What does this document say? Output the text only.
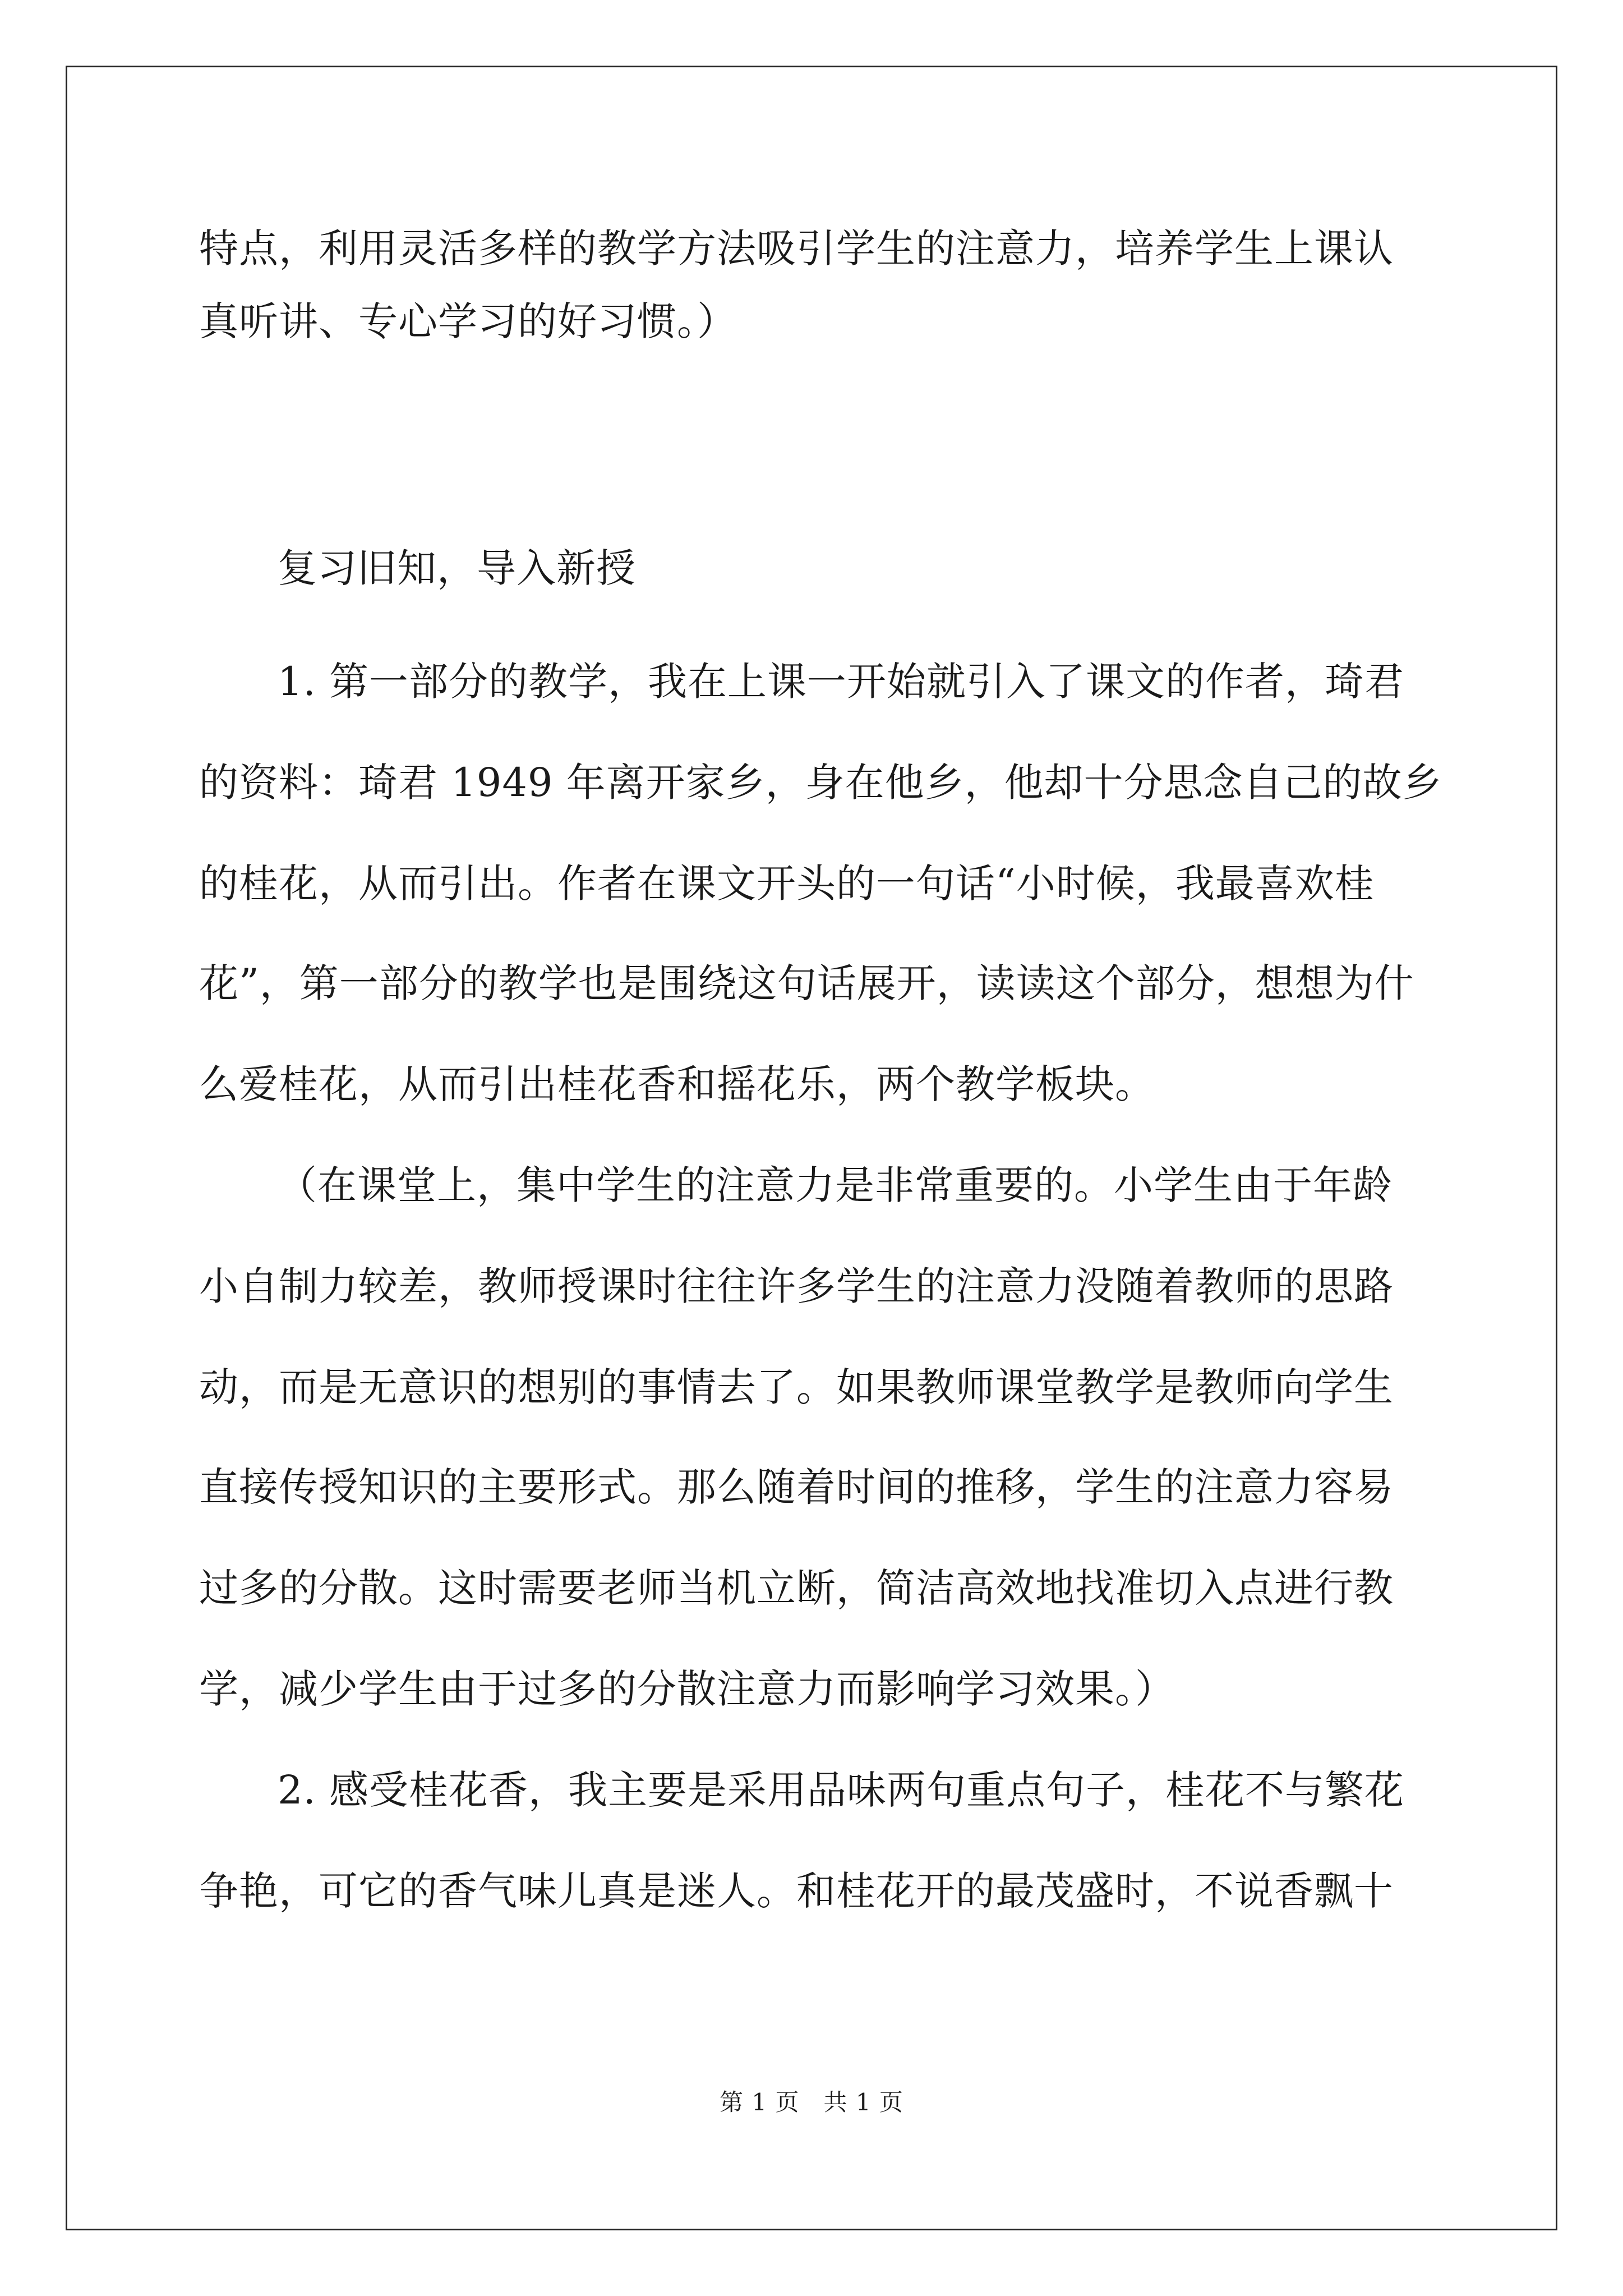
特点，利用灵活多样的教学方法吸引学生的注意力，培养学生上课认
真听讲、专心学习的好习惯。）
复习旧知，导入新授
1. 第一部分的教学，我在上课一开始就引入了课文的作者，琦君
的资料：琦君 1949 年离开家乡，身在他乡，他却十分思念自己的故乡
的桂花，从而引出。作者在课文开头的一句话“小时候，我最喜欢桂
花”，第一部分的教学也是围绕这句话展开，读读这个部分，想想为什
么爱桂花，从而引出桂花香和摇花乐，两个教学板块。
（在课堂上，集中学生的注意力是非常重要的。小学生由于年龄
小自制力较差，教师授课时往往许多学生的注意力没随着教师的思路
动，而是无意识的想别的事情去了。如果教师课堂教学是教师向学生
直接传授知识的主要形式。那么随着时间的推移，学生的注意力容易
过多的分散。这时需要老师当机立断，简洁高效地找准切入点进行教
学，减少学生由于过多的分散注意力而影响学习效果。）
2. 感受桂花香，我主要是采用品味两句重点句子，桂花不与繁花
争艳，可它的香气味儿真是迷人。和桂花开的最茂盛时，不说香飘十
第 1 页　共 1 页
